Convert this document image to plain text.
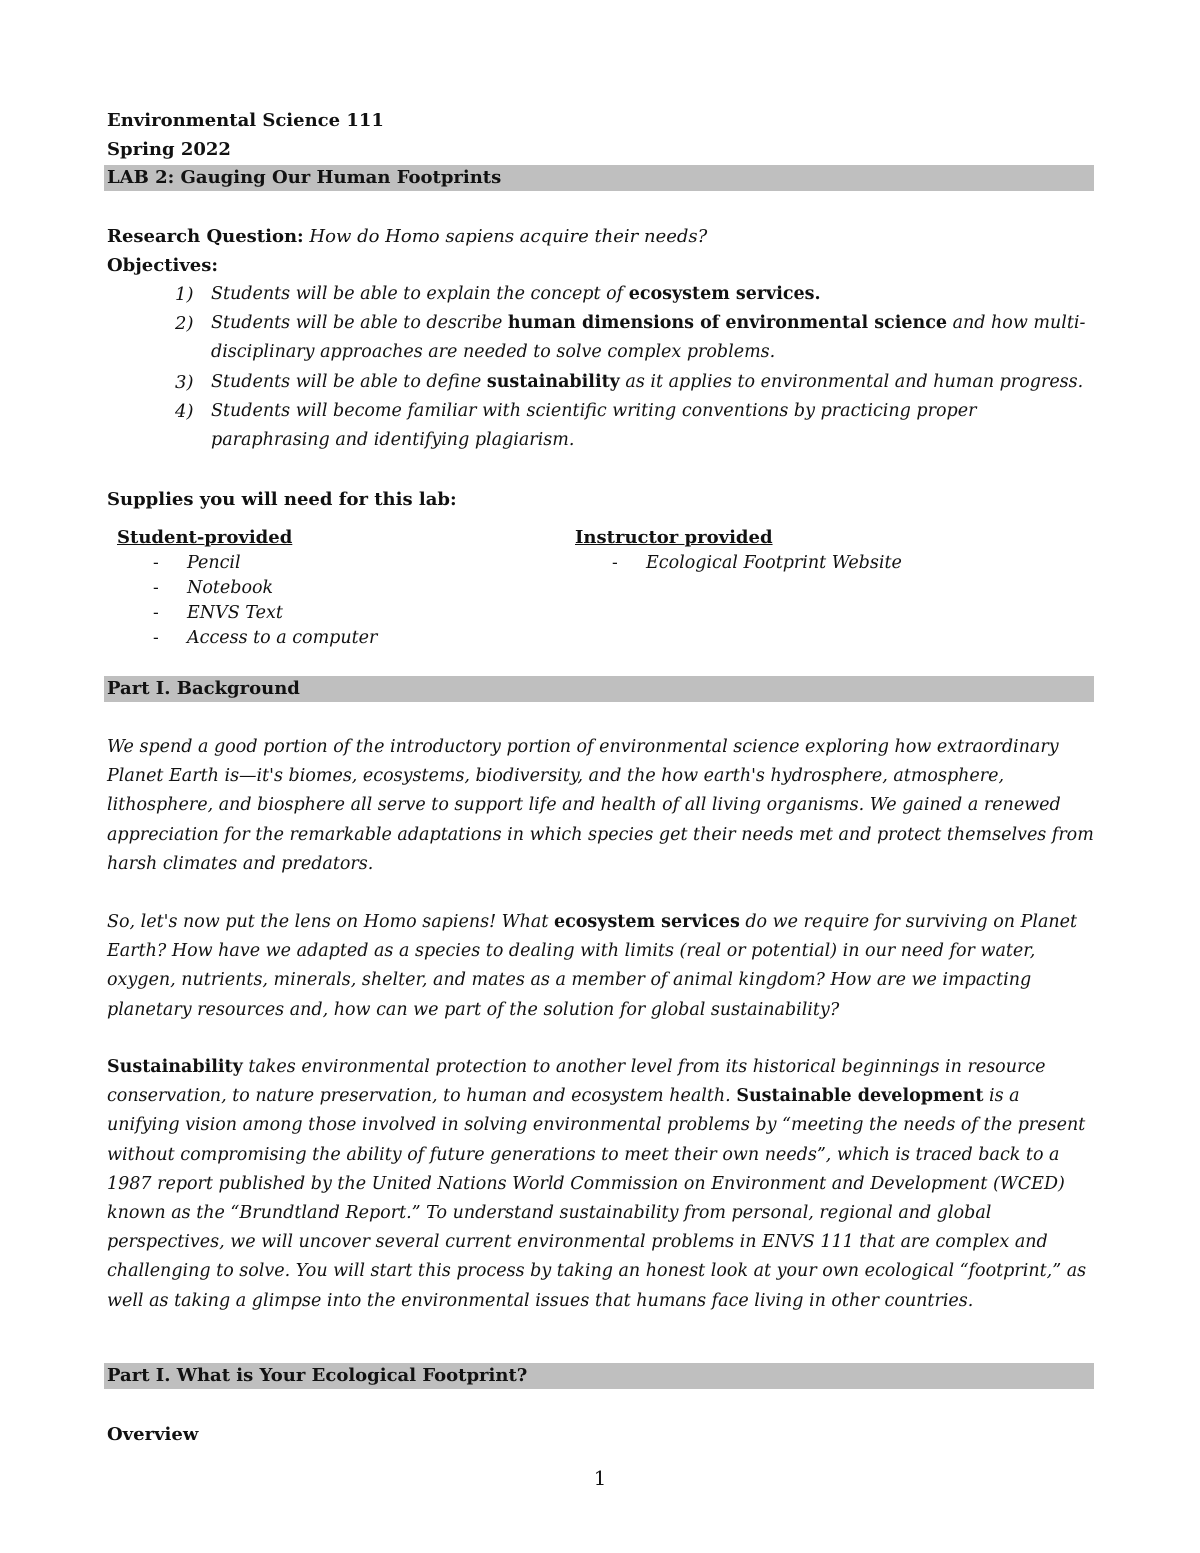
Environmental Science 111
Spring 2022
LAB 2: Gauging Our Human Footprints
Research Question: How do Homo sapiens acquire their needs?
Objectives:
1) Students will be able to explain the concept of ecosystem services.
2) Students will be able to describe human dimensions of environmental science and how multi-disciplinary approaches are needed to solve complex problems.
3) Students will be able to define sustainability as it applies to environmental and human progress.
4) Students will become familiar with scientific writing conventions by practicing proper paraphrasing and identifying plagiarism.
Supplies you will need for this lab:
Student-provided	Instructor provided
- Pencil
- Notebook
- ENVS Text
- Access to a computer
- Ecological Footprint Website
Part I. Background
We spend a good portion of the introductory portion of environmental science exploring how extraordinary Planet Earth is—it's biomes, ecosystems, biodiversity, and the how earth's hydrosphere, atmosphere, lithosphere, and biosphere all serve to support life and health of all living organisms. We gained a renewed appreciation for the remarkable adaptations in which species get their needs met and protect themselves from harsh climates and predators.
So, let's now put the lens on Homo sapiens! What ecosystem services do we require for surviving on Planet Earth? How have we adapted as a species to dealing with limits (real or potential) in our need for water, oxygen, nutrients, minerals, shelter, and mates as a member of animal kingdom? How are we impacting planetary resources and, how can we part of the solution for global sustainability?
Sustainability takes environmental protection to another level from its historical beginnings in resource conservation, to nature preservation, to human and ecosystem health. Sustainable development is a unifying vision among those involved in solving environmental problems by “meeting the needs of the present without compromising the ability of future generations to meet their own needs”, which is traced back to a 1987 report published by the United Nations World Commission on Environment and Development (WCED) known as the “Brundtland Report.” To understand sustainability from personal, regional and global perspectives, we will uncover several current environmental problems in ENVS 111 that are complex and challenging to solve. You will start this process by taking an honest look at your own ecological “footprint,” as well as taking a glimpse into the environmental issues that humans face living in other countries.
Part I. What is Your Ecological Footprint?
Overview
1
